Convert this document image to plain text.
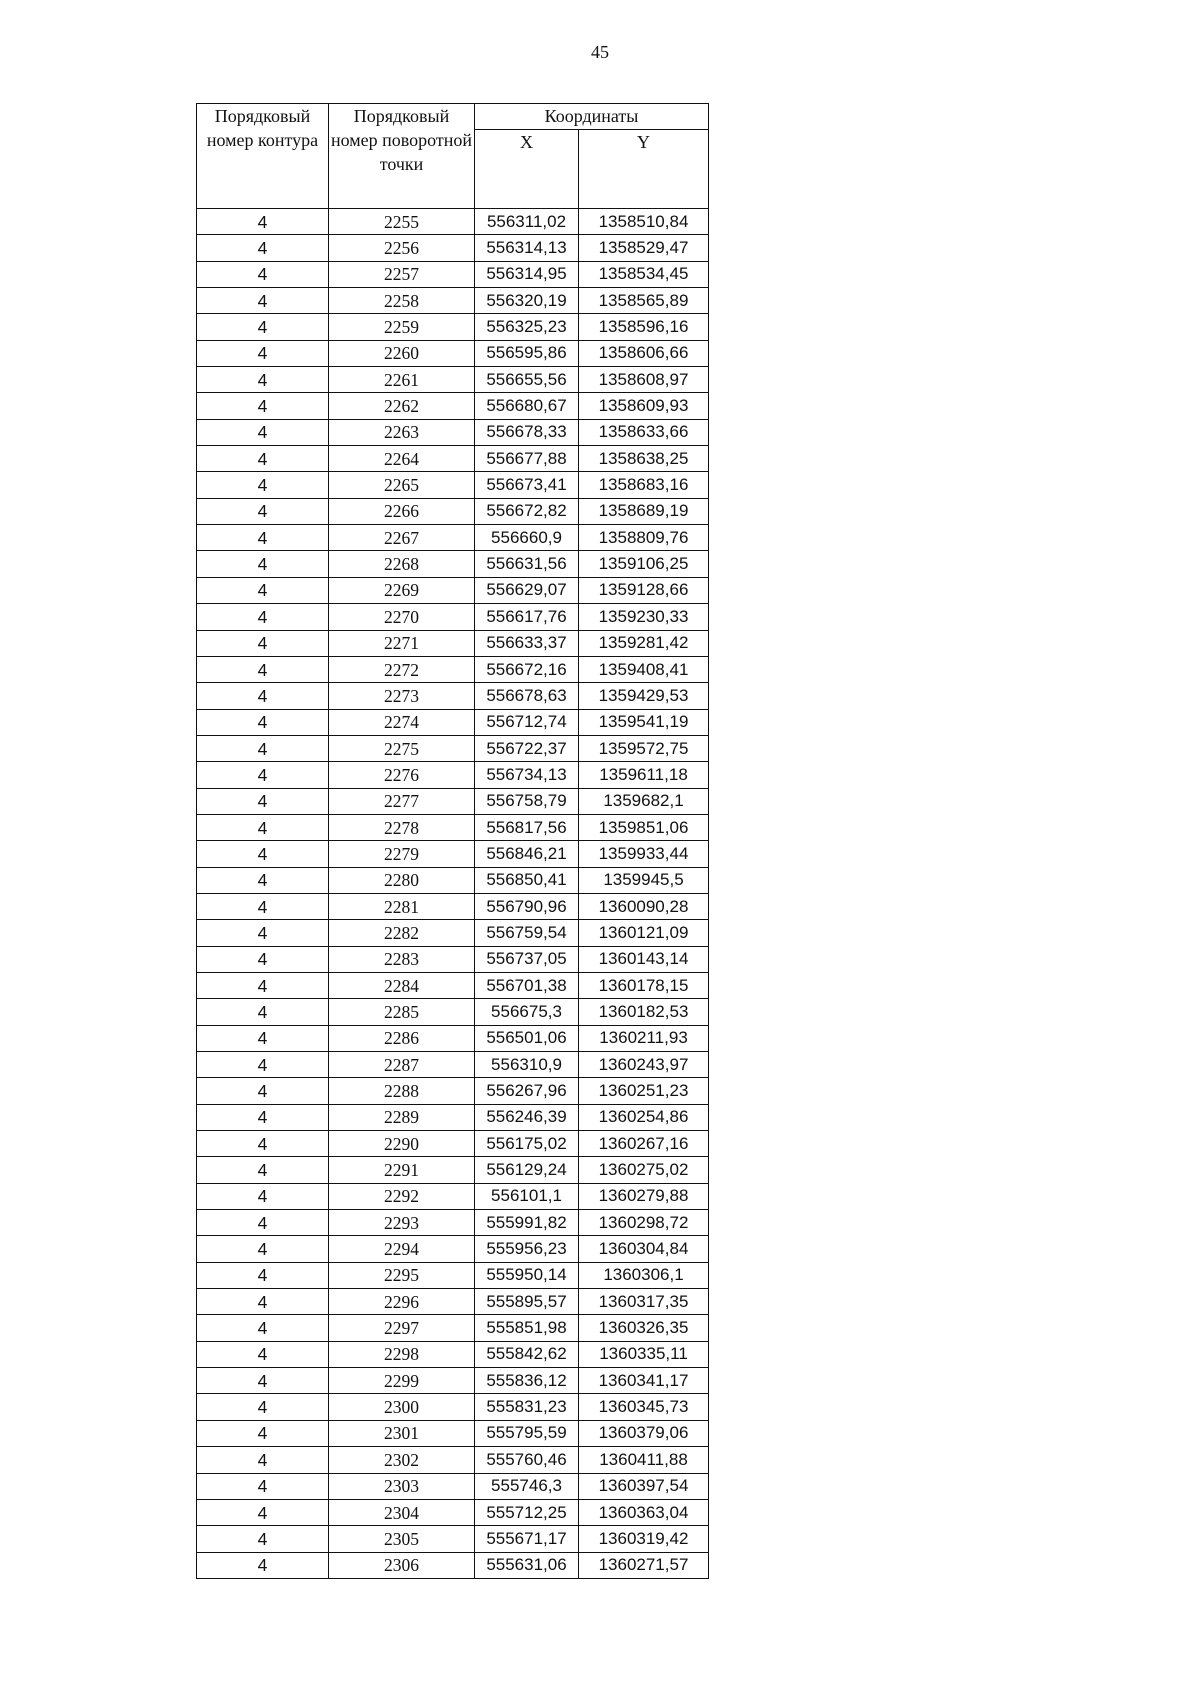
45
Порядковый номер контура	Порядковый номер поворотной точки	Координаты	
		X	Y
4	2255	556311,02	1358510,84
4	2256	556314,13	1358529,47
4	2257	556314,95	1358534,45
4	2258	556320,19	1358565,89
4	2259	556325,23	1358596,16
4	2260	556595,86	1358606,66
4	2261	556655,56	1358608,97
4	2262	556680,67	1358609,93
4	2263	556678,33	1358633,66
4	2264	556677,88	1358638,25
4	2265	556673,41	1358683,16
4	2266	556672,82	1358689,19
4	2267	556660,9	1358809,76
4	2268	556631,56	1359106,25
4	2269	556629,07	1359128,66
4	2270	556617,76	1359230,33
4	2271	556633,37	1359281,42
4	2272	556672,16	1359408,41
4	2273	556678,63	1359429,53
4	2274	556712,74	1359541,19
4	2275	556722,37	1359572,75
4	2276	556734,13	1359611,18
4	2277	556758,79	1359682,1
4	2278	556817,56	1359851,06
4	2279	556846,21	1359933,44
4	2280	556850,41	1359945,5
4	2281	556790,96	1360090,28
4	2282	556759,54	1360121,09
4	2283	556737,05	1360143,14
4	2284	556701,38	1360178,15
4	2285	556675,3	1360182,53
4	2286	556501,06	1360211,93
4	2287	556310,9	1360243,97
4	2288	556267,96	1360251,23
4	2289	556246,39	1360254,86
4	2290	556175,02	1360267,16
4	2291	556129,24	1360275,02
4	2292	556101,1	1360279,88
4	2293	555991,82	1360298,72
4	2294	555956,23	1360304,84
4	2295	555950,14	1360306,1
4	2296	555895,57	1360317,35
4	2297	555851,98	1360326,35
4	2298	555842,62	1360335,11
4	2299	555836,12	1360341,17
4	2300	555831,23	1360345,73
4	2301	555795,59	1360379,06
4	2302	555760,46	1360411,88
4	2303	555746,3	1360397,54
4	2304	555712,25	1360363,04
4	2305	555671,17	1360319,42
4	2306	555631,06	1360271,57
